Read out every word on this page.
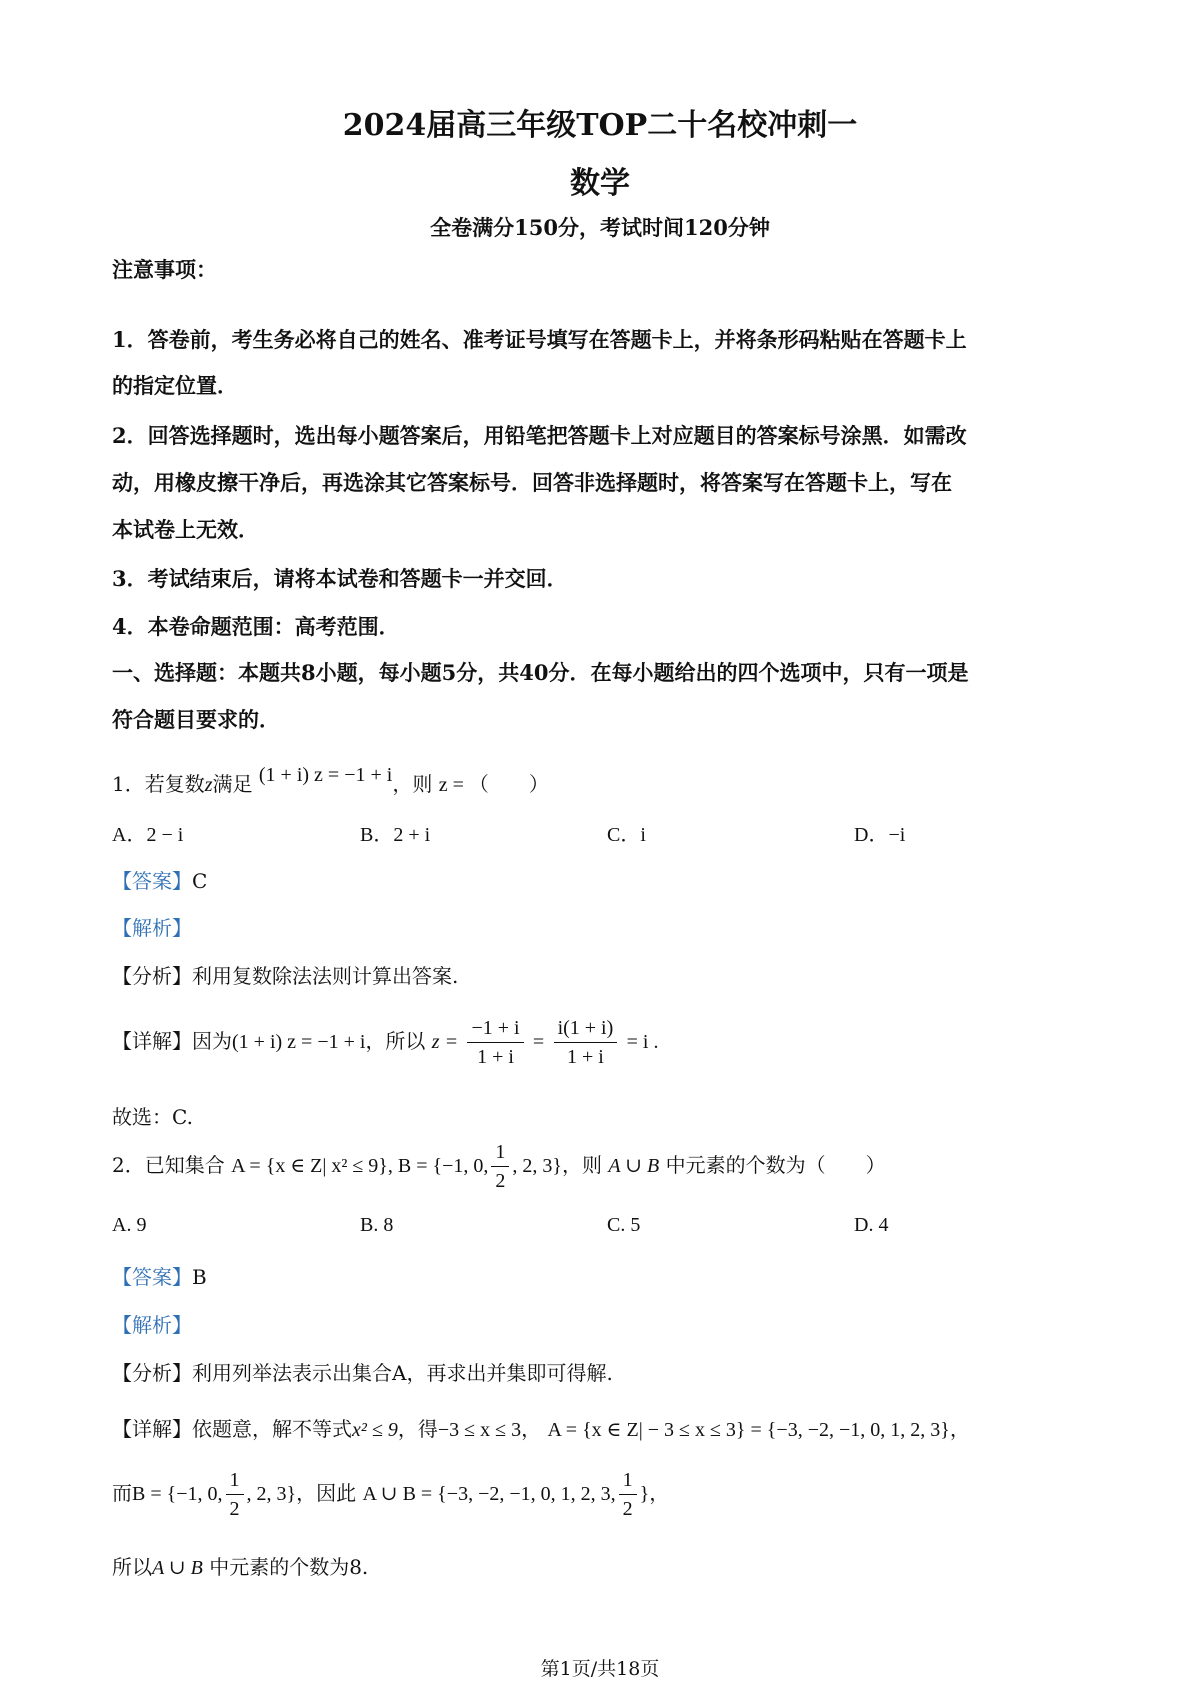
2024届高三年级TOP二十名校冲刺一
数学
全卷满分150分，考试时间120分钟
注意事项：
1．答卷前，考生务必将自己的姓名、准考证号填写在答题卡上，并将条形码粘贴在答题卡上
的指定位置．
2．回答选择题时，选出每小题答案后，用铅笔把答题卡上对应题目的答案标号涂黑．如需改
动，用橡皮擦干净后，再选涂其它答案标号．回答非选择题时，将答案写在答题卡上，写在
本试卷上无效．
3．考试结束后，请将本试卷和答题卡一并交回．
4．本卷命题范围：高考范围．
一、选择题：本题共8小题，每小题5分，共40分．在每小题给出的四个选项中，只有一项是
符合题目要求的．
1．若复数z满足 (1 + i) z = −1 + i，则 z = （　　）
A．2 − i	B．2 + i	C．i	D．−i
【答案】C
【解析】
【分析】利用复数除法法则计算出答案.
【详解】因为(1 + i) z = −1 + i，所以 $z = \frac{-1 + i}{1 + i} = \frac{i(1 + i)}{1 + i} = i$ .
故选：C.
2．已知集合 A = {x ∈ Z| x² ≤ 9}, B = {−1, 0, $\frac{1}{2}$ , 2, 3}，则 A ∪ B 中元素的个数为（　　）
A. 9	B. 8	C. 5	D. 4
【答案】B
【解析】
【分析】利用列举法表示出集合A，再求出并集即可得解.
【详解】依题意，解不等式x² ≤ 9，得−3 ≤ x ≤ 3， A = {x ∈ Z| − 3 ≤ x ≤ 3} = {−3, −2, −1, 0, 1, 2, 3}，
而B = {−1, 0, $\frac{1}{2}$ , 2, 3}，因此 A ∪ B = {−3, −2, −1, 0, 1, 2, 3, $\frac{1}{2}$ }，
所以A ∪ B 中元素的个数为8.
第1页/共18页
